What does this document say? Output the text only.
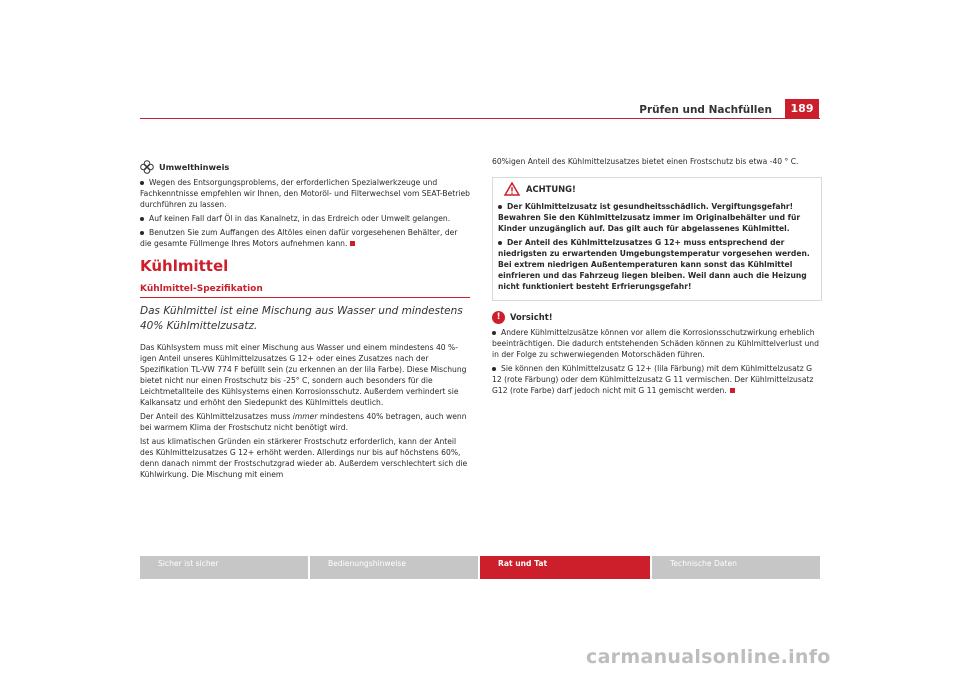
Prüfen und Nachfüllen	189
Umwelthinweis

Wegen des Entsorgungsproblems, der erforderlichen Spezialwerkzeuge und Fachkenntnisse empfehlen wir Ihnen, den Motoröl- und Filterwechsel vom SEAT-Betrieb durchführen zu lassen.

Auf keinen Fall darf Öl in das Kanalnetz, in das Erdreich oder Umwelt gelangen.

Benutzen Sie zum Auffangen des Altöles einen dafür vorgesehenen Behälter, der die gesamte Füllmenge Ihres Motors aufnehmen kann.

Kühlmittel
Kühlmittel-Spezifikation
Das Kühlmittel ist eine Mischung aus Wasser und mindestens 40% Kühlmittelzusatz.

Das Kühlsystem muss mit einer Mischung aus Wasser und einem mindestens 40 %-igen Anteil unseres Kühlmittelzusatzes G 12+ oder eines Zusatzes nach der Spezifikation TL-VW 774 F befüllt sein (zu erkennen an der lila Farbe). Diese Mischung bietet nicht nur einen Frostschutz bis -25° C, sondern auch besonders für die Leichtmetallteile des Kühlsystems einen Korrosionsschutz. Außerdem verhindert sie Kalkansatz und erhöht den Siedepunkt des Kühlmittels deutlich.

Der Anteil des Kühlmittelzusatzes muss immer mindestens 40% betragen, auch wenn bei warmem Klima der Frostschutz nicht benötigt wird.

Ist aus klimatischen Gründen ein stärkerer Frostschutz erforderlich, kann der Anteil des Kühlmittelzusatzes G 12+ erhöht werden. Allerdings nur bis auf höchstens 60%, denn danach nimmt der Frostschutzgrad wieder ab. Außerdem verschlechtert sich die Kühlwirkung. Die Mischung mit einem

60%igen Anteil des Kühlmittelzusatzes bietet einen Frostschutz bis etwa -40 ° C.

ACHTUNG!

Der Kühlmittelzusatz ist gesundheitsschädlich. Vergiftungsgefahr! Bewahren Sie den Kühlmittelzusatz immer im Originalbehälter und für Kinder unzugänglich auf. Das gilt auch für abgelassenes Kühlmittel.

Der Anteil des Kühlmittelzusatzes G 12+ muss entsprechend der niedrigsten zu erwartenden Umgebungstemperatur vorgesehen werden. Bei extrem niedrigen Außentemperaturen kann sonst das Kühlmittel einfrieren und das Fahrzeug liegen bleiben. Weil dann auch die Heizung nicht funktioniert besteht Erfrierungsgefahr!

!	Vorsicht!

Andere Kühlmittelzusätze können vor allem die Korrosionsschutzwirkung erheblich beeinträchtigen. Die dadurch entstehenden Schäden können zu Kühlmittelverlust und in der Folge zu schwerwiegenden Motorschäden führen.

Sie können den Kühlmittelzusatz G 12+ (lila Färbung) mit dem Kühlmittelzusatz G 12 (rote Färbung) oder dem Kühlmittelzusatz G 11 vermischen. Der Kühlmittelzusatz G12 (rote Farbe) darf jedoch nicht mit G 11 gemischt werden.

Sicher ist sicher	Bedienungshinweise	Rat und Tat	Technische Daten
carmanualsonline.info
